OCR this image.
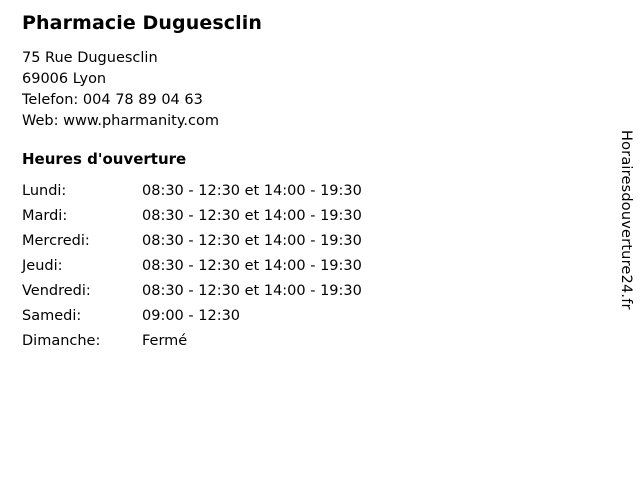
Pharmacie Duguesclin

75 Rue Duguesclin

69006 Lyon

Telefon: 004 78 89 04 63

Web: www.pharmanity.com

Heures d'ouverture
Lundi:	08:30 - 12:30 et 14:00 - 19:30
Mardi:	08:30 - 12:30 et 14:00 - 19:30
Mercredi:	08:30 - 12:30 et 14:00 - 19:30
Jeudi:	08:30 - 12:30 et 14:00 - 19:30
Vendredi:	08:30 - 12:30 et 14:00 - 19:30
Samedi:	09:00 - 12:30
Dimanche:	Fermé
Horairesdouverture24.fr
